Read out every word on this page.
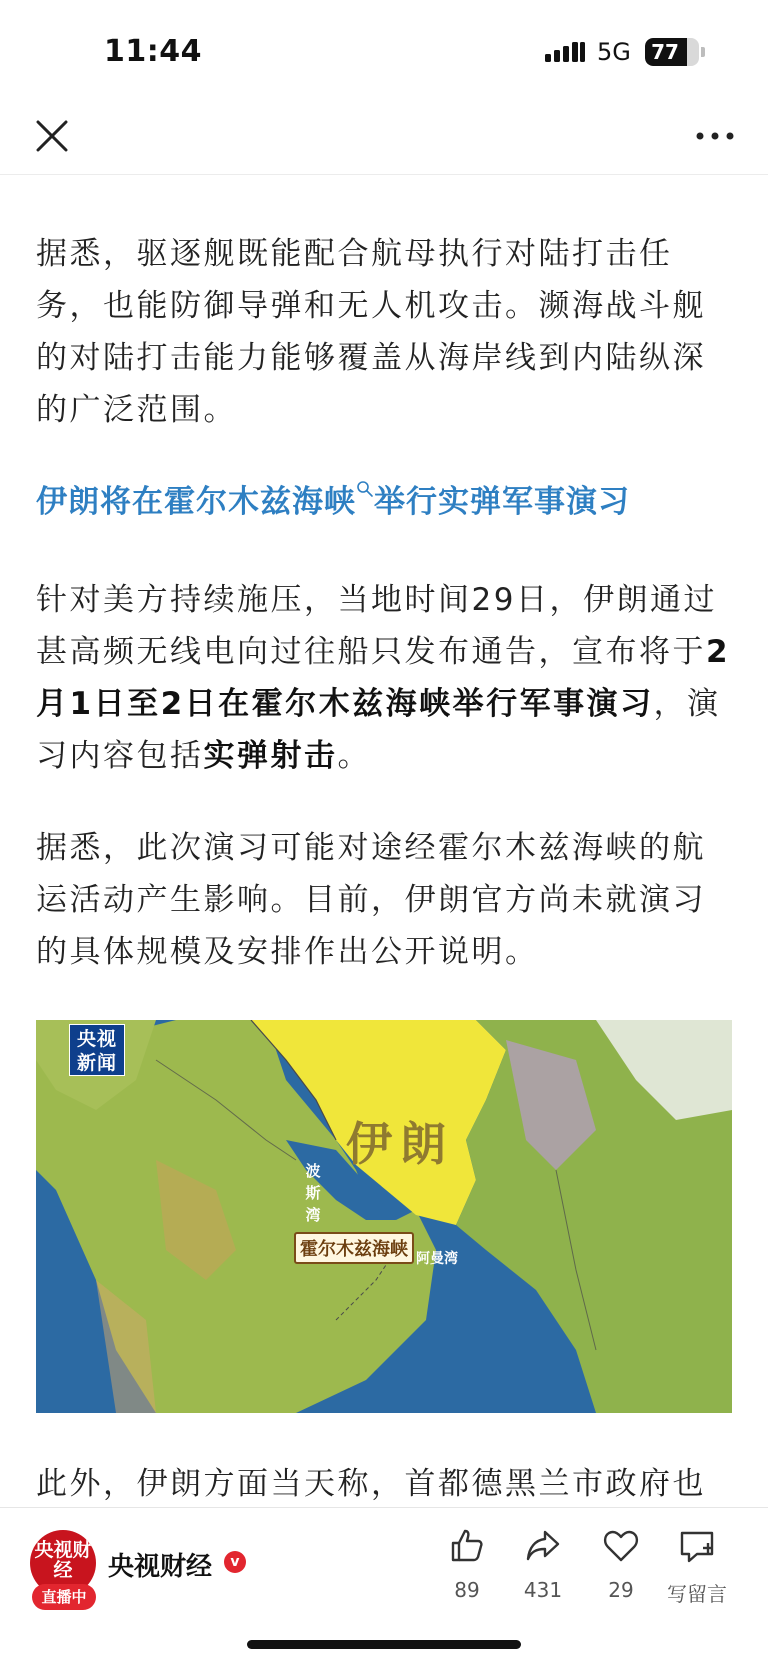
11:44	5G	77
据悉，驱逐舰既能配合航母执行对陆打击任务，也能防御导弹和无人机攻击。濒海战斗舰的对陆打击能力能够覆盖从海岸线到内陆纵深的广泛范围。
伊朗将在霍尔木兹海峡 举行实弹军事演习
针对美方持续施压，当地时间29日，伊朗通过甚高频无线电向过往船只发布通告，宣布将于2月1日至2日在霍尔木兹海峡举行军事演习，演习内容包括实弹射击。
据悉，此次演习可能对途经霍尔木兹海峡的航运活动产生影响。目前，伊朗官方尚未就演习的具体规模及安排作出公开说明。
央视新闻
伊朗
波斯湾
霍尔木兹海峡 阿曼湾
此外，伊朗方面当天称，首都德黑兰市政府也
央视财经
直播中
央视财经	v
89	431	29	写留言
